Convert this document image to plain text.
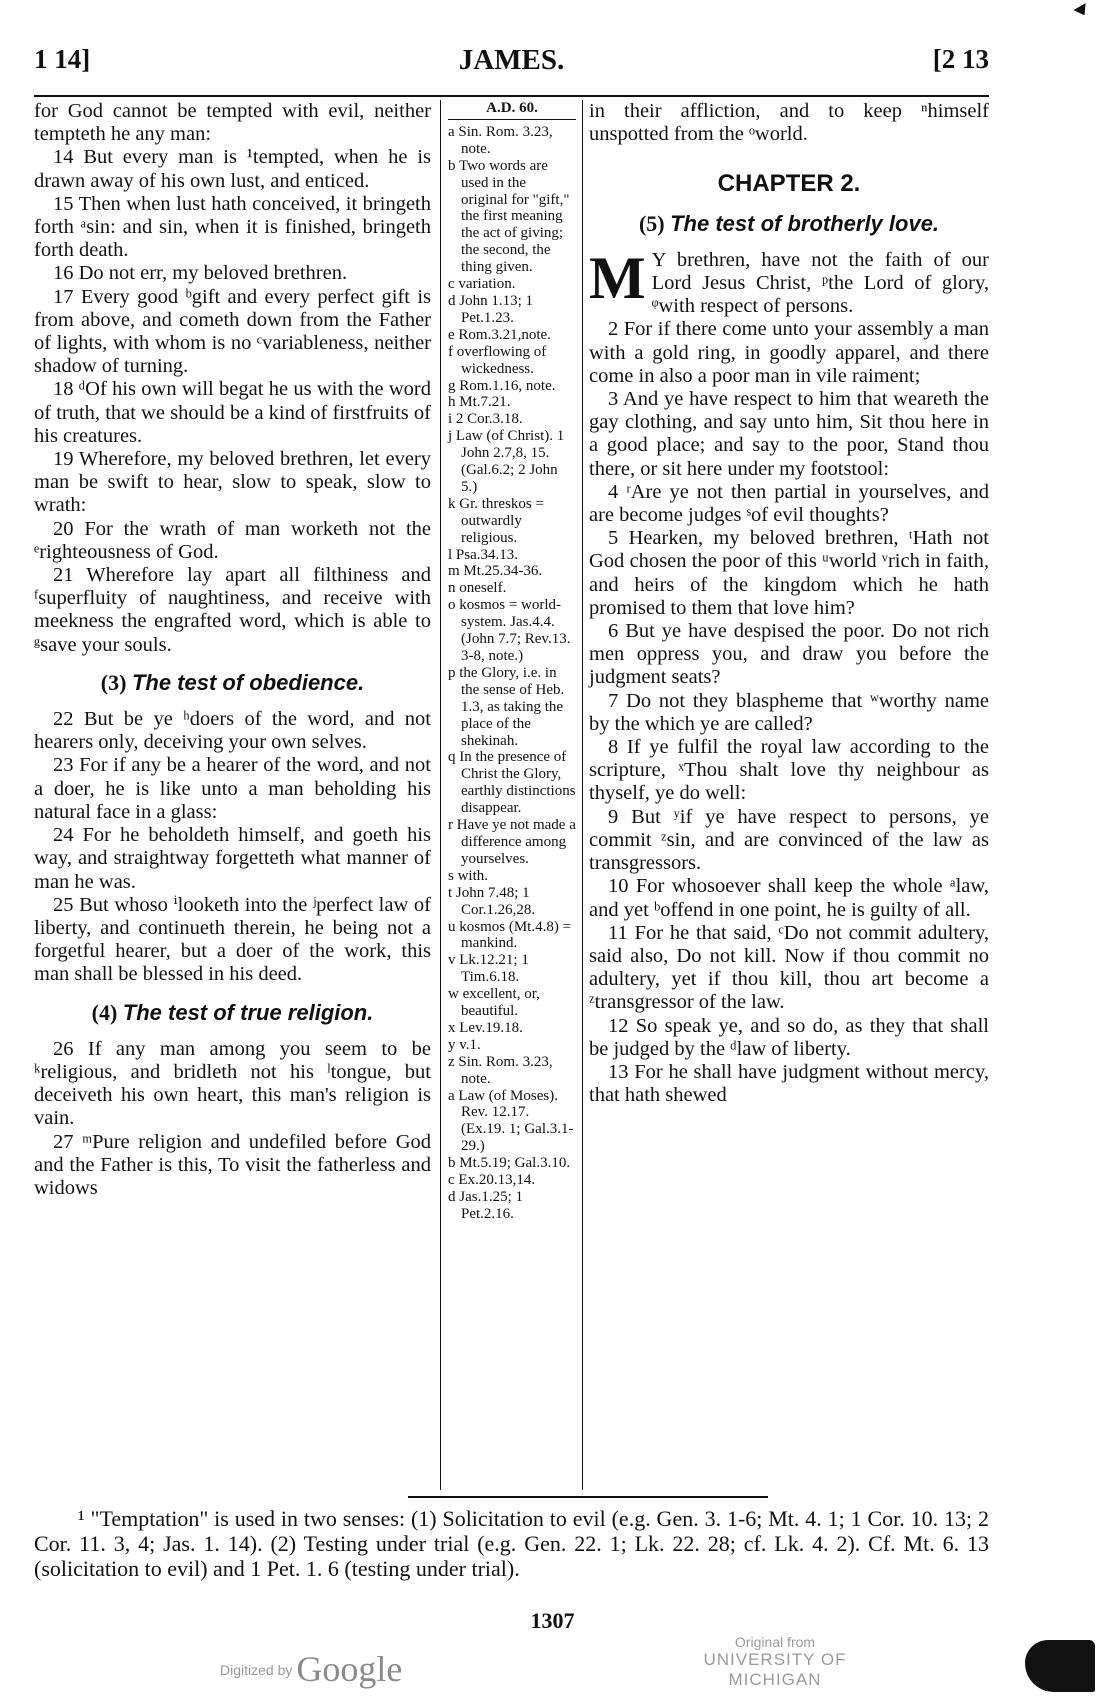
1 14]	JAMES.	[2 13

for God cannot be tempted with evil, neither tempteth he any man:

14 But every man is ¹tempted, when he is drawn away of his own lust, and enticed.

15 Then when lust hath conceived, it bringeth forth ᵃsin: and sin, when it is finished, bringeth forth death.

16 Do not err, my beloved brethren.

17 Every good ᵇgift and every perfect gift is from above, and cometh down from the Father of lights, with whom is no ᶜvariableness, neither shadow of turning.

18 ᵈOf his own will begat he us with the word of truth, that we should be a kind of firstfruits of his creatures.

19 Wherefore, my beloved brethren, let every man be swift to hear, slow to speak, slow to wrath:

20 For the wrath of man worketh not the ᵉrighteousness of God.

21 Wherefore lay apart all filthiness and ᶠsuperfluity of naughtiness, and receive with meekness the engrafted word, which is able to ᵍsave your souls.

(3) The test of obedience.

22 But be ye ʰdoers of the word, and not hearers only, deceiving your own selves.

23 For if any be a hearer of the word, and not a doer, he is like unto a man beholding his natural face in a glass:

24 For he beholdeth himself, and goeth his way, and straightway forgetteth what manner of man he was.

25 But whoso ⁱlooketh into the ʲperfect law of liberty, and continueth therein, he being not a forgetful hearer, but a doer of the work, this man shall be blessed in his deed.

(4) The test of true religion.

26 If any man among you seem to be ᵏreligious, and bridleth not his ˡtongue, but deceiveth his own heart, this man's religion is vain.

27 ᵐPure religion and undefiled before God and the Father is this, To visit the fatherless and widows

A.D. 60.

a Sin. Rom. 3.23, note.

b Two words are used in the original for "gift," the first meaning the act of giving; the second, the thing given.

c variation.

d John 1.13; 1 Pet.1.23.

e Rom.3.21,note.

f overflowing of wickedness.

g Rom.1.16, note.

h Mt.7.21.

i 2 Cor.3.18.

j Law (of Christ). 1 John 2.7,8, 15. (Gal.6.2; 2 John 5.)

k Gr. threskos = outwardly religious.

l Psa.34.13.

m Mt.25.34-36.

n oneself.

o kosmos = world-system. Jas.4.4. (John 7.7; Rev.13. 3-8, note.)

p the Glory, i.e. in the sense of Heb. 1.3, as taking the place of the shekinah.

q In the presence of Christ the Glory, earthly distinctions disappear.

r Have ye not made a difference among yourselves.

s with.

t John 7.48; 1 Cor.1.26,28.

u kosmos (Mt.4.8) = mankind.

v Lk.12.21; 1 Tim.6.18.

w excellent, or, beautiful.

x Lev.19.18.

y v.1.

z Sin. Rom. 3.23, note.

a Law (of Moses). Rev. 12.17. (Ex.19. 1; Gal.3.1-29.)

b Mt.5.19; Gal.3.10.

c Ex.20.13,14.

d Jas.1.25; 1 Pet.2.16.

in their affliction, and to keep ⁿhimself unspotted from the ᵒworld.

CHAPTER 2.

(5) The test of brotherly love.

M Y brethren, have not the faith of our Lord Jesus Christ, ᵖthe Lord of glory, ᵠwith respect of persons.

2 For if there come unto your assembly a man with a gold ring, in goodly apparel, and there come in also a poor man in vile raiment;

3 And ye have respect to him that weareth the gay clothing, and say unto him, Sit thou here in a good place; and say to the poor, Stand thou there, or sit here under my footstool:

4 ʳAre ye not then partial in yourselves, and are become judges ˢof evil thoughts?

5 Hearken, my beloved brethren, ᵗHath not God chosen the poor of this ᵘworld ᵛrich in faith, and heirs of the kingdom which he hath promised to them that love him?

6 But ye have despised the poor. Do not rich men oppress you, and draw you before the judgment seats?

7 Do not they blaspheme that ʷworthy name by the which ye are called?

8 If ye fulfil the royal law according to the scripture, ˣThou shalt love thy neighbour as thyself, ye do well:

9 But ʸif ye have respect to persons, ye commit ᶻsin, and are convinced of the law as transgressors.

10 For whosoever shall keep the whole ᵃlaw, and yet ᵇoffend in one point, he is guilty of all.

11 For he that said, ᶜDo not commit adultery, said also, Do not kill. Now if thou commit no adultery, yet if thou kill, thou art become a ᶻtransgressor of the law.

12 So speak ye, and so do, as they that shall be judged by the ᵈlaw of liberty.

13 For he shall have judgment without mercy, that hath shewed

¹ "Temptation" is used in two senses: (1) Solicitation to evil (e.g. Gen. 3. 1-6; Mt. 4. 1; 1 Cor. 10. 13; 2 Cor. 11. 3, 4; Jas. 1. 14). (2) Testing under trial (e.g. Gen. 22. 1; Lk. 22. 28; cf. Lk. 4. 2). Cf. Mt. 6. 13 (solicitation to evil) and 1 Pet. 1. 6 (testing under trial).

1307
Digitized by Google
Original from
UNIVERSITY OF MICHIGAN
